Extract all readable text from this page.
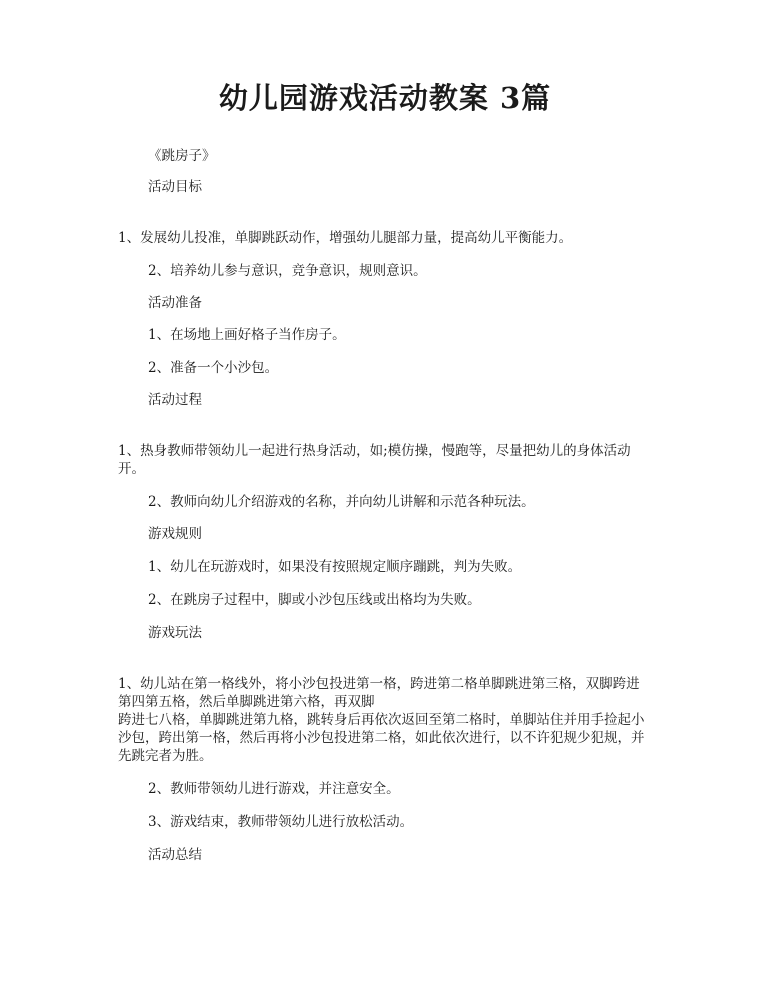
幼儿园游戏活动教案 3篇
《跳房子》
活动目标
1、发展幼儿投准，单脚跳跃动作，增强幼儿腿部力量，提高幼儿平衡能力。
2、培养幼儿参与意识，竞争意识，规则意识。
活动准备
1、在场地上画好格子当作房子。
2、准备一个小沙包。
活动过程
1、热身教师带领幼儿一起进行热身活动，如;模仿操，慢跑等，尽量把幼儿的身体活动开。
2、教师向幼儿介绍游戏的名称，并向幼儿讲解和示范各种玩法。
游戏规则
1、幼儿在玩游戏时，如果没有按照规定顺序蹦跳，判为失败。
2、在跳房子过程中，脚或小沙包压线或出格均为失败。
游戏玩法
1、幼儿站在第一格线外，将小沙包投进第一格，跨进第二格单脚跳进第三格，双脚跨进第四第五格，然后单脚跳进第六格，再双脚
跨进七八格，单脚跳进第九格，跳转身后再依次返回至第二格时，单脚站住并用手捡起小沙包，跨出第一格，然后再将小沙包投进第二格，如此依次进行，以不许犯规少犯规，并先跳完者为胜。
2、教师带领幼儿进行游戏，并注意安全。
3、游戏结束，教师带领幼儿进行放松活动。
活动总结
